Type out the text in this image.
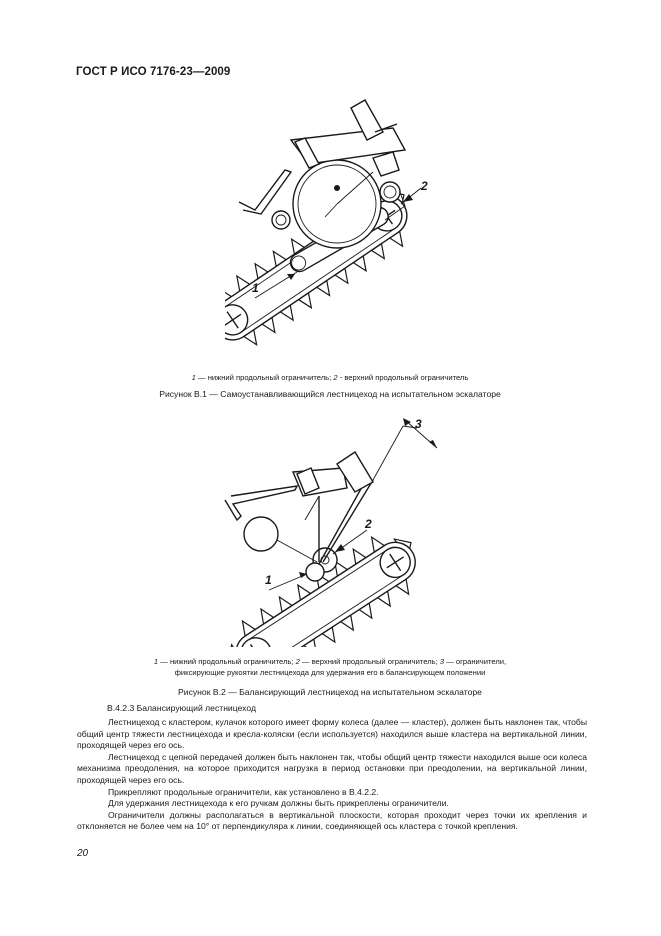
ГОСТ Р ИСО 7176-23—2009
2
1
1 — нижний продольный ограничитель; 2 - верхний продольный ограничитель
Рисунок В.1 — Самоустанавливающийся лестницеход на испытательном эскалаторе
3
2
1
1 — нижний продольный ограничитель; 2 — верхний продольный ограничитель; 3 — ограничители,
фиксирующие рукоятки лестницехода для удержания его в балансирующем положении
Рисунок В.2 — Балансирующий лестницеход на испытательном эскалаторе
В.4.2.3 Балансирующий лестницеход

Лестницеход с кластером, кулачок которого имеет форму колеса (далее — кластер), должен быть наклонен так, чтобы общий центр тяжести лестницехода и кресла-коляски (если используется) находился выше кластера на вертикальной линии, проходящей через его ось.

Лестницеход с цепной передачей должен быть наклонен так, чтобы общий центр тяжести находился выше оси колеса механизма преодоления, на которое приходится нагрузка в период остановки при преодолении, на вертикальной линии, проходящей через его ось.

Прикрепляют продольные ограничители, как установлено в В.4.2.2.

Для удержания лестницехода к его ручкам должны быть прикреплены ограничители.

Ограничители должны располагаться в вертикальной плоскости, которая проходит через точки их крепления и отклоняется не более чем на 10° от перпендикуляра к линии, соединяющей ось кластера с точкой крепления.

20
